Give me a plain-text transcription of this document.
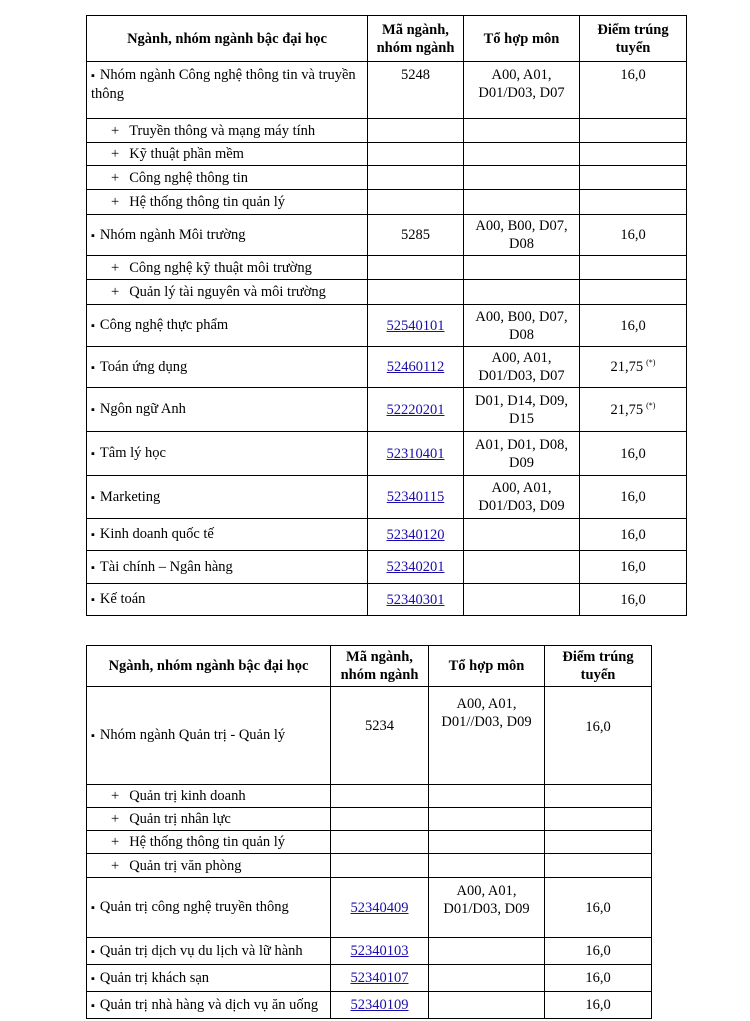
Ngành, nhóm ngành bậc đại học	Mã ngành, nhóm ngành	Tổ hợp môn	Điểm trúng tuyển
▪ Nhóm ngành Công nghệ thông tin và truyền thông	5248	A00, A01, D01/D03, D07	16,0
+ Truyền thông và mạng máy tính			
+ Kỹ thuật phần mềm			
+ Công nghệ thông tin			
+ Hệ thống thông tin quản lý			
▪ Nhóm ngành Môi trường	5285	A00, B00, D07, D08	16,0
+ Công nghệ kỹ thuật môi trường			
+ Quản lý tài nguyên và môi trường			
▪ Công nghệ thực phẩm	52540101	A00, B00, D07, D08	16,0
▪ Toán ứng dụng	52460112	A00, A01, D01/D03, D07	21,75 (*)
▪ Ngôn ngữ Anh	52220201	D01, D14, D09, D15	21,75 (*)
▪ Tâm lý học	52310401	A01, D01, D08, D09	16,0
▪ Marketing	52340115	A00, A01, D01/D03, D09	16,0
▪ Kinh doanh quốc tế	52340120		16,0
▪ Tài chính – Ngân hàng	52340201		16,0
▪ Kế toán	52340301		16,0
Ngành, nhóm ngành bậc đại học	Mã ngành, nhóm ngành	Tổ hợp môn	Điểm trúng tuyển
▪ Nhóm ngành Quản trị - Quản lý	5234	A00, A01, D01//D03, D09	16,0
+ Quản trị kinh doanh			
+ Quản trị nhân lực			
+ Hệ thống thông tin quản lý			
+ Quản trị văn phòng			
▪ Quản trị công nghệ truyền thông	52340409	A00, A01, D01/D03, D09	16,0
▪ Quản trị dịch vụ du lịch và lữ hành	52340103		16,0
▪ Quản trị khách sạn	52340107		16,0
▪ Quản trị nhà hàng và dịch vụ ăn uống	52340109		16,0
